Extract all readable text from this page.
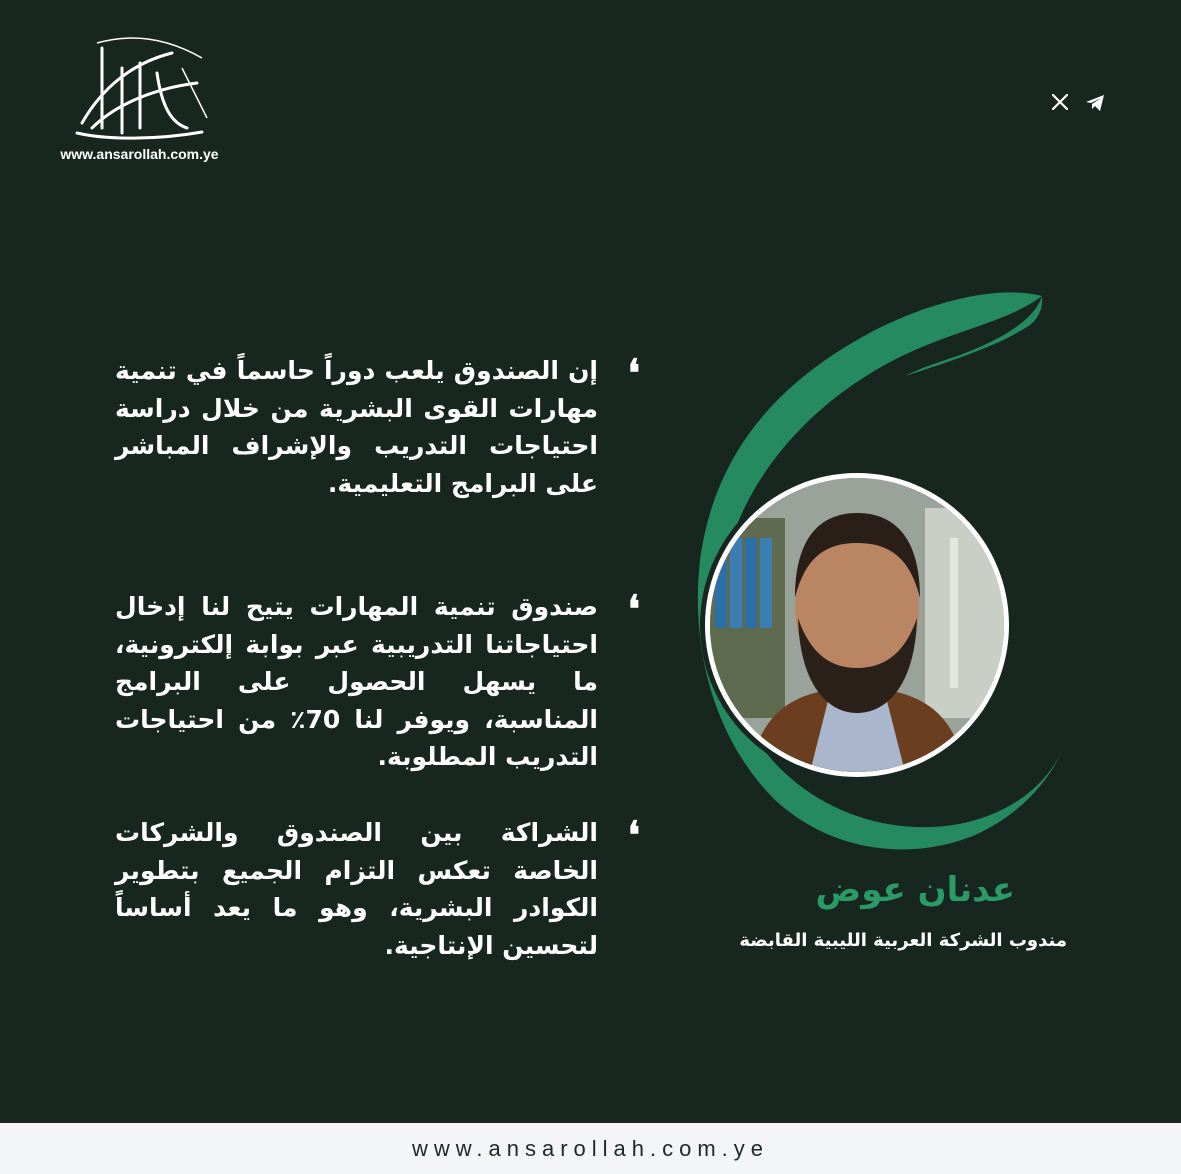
www.ansarollah.com.ye
❛

إن الصندوق يلعب دوراً حاسماً في تنمية مهارات القوى البشرية من خلال دراسة احتياجات التدريب والإشراف المباشر على البرامج التعليمية.

❛

صندوق تنمية المهارات يتيح لنا إدخال احتياجاتنا التدريبية عبر بوابة إلكترونية، ما يسهل الحصول على البرامج المناسبة، ويوفر لنا 70٪ من احتياجات التدريب المطلوبة.

❛

الشراكة بين الصندوق والشركات الخاصة تعكس التزام الجميع بتطوير الكوادر البشرية، وهو ما يعد أساساً لتحسين الإنتاجية.

عدنان عوض
مندوب الشركة العربية الليبية القابضة
www.ansarollah.com.ye
